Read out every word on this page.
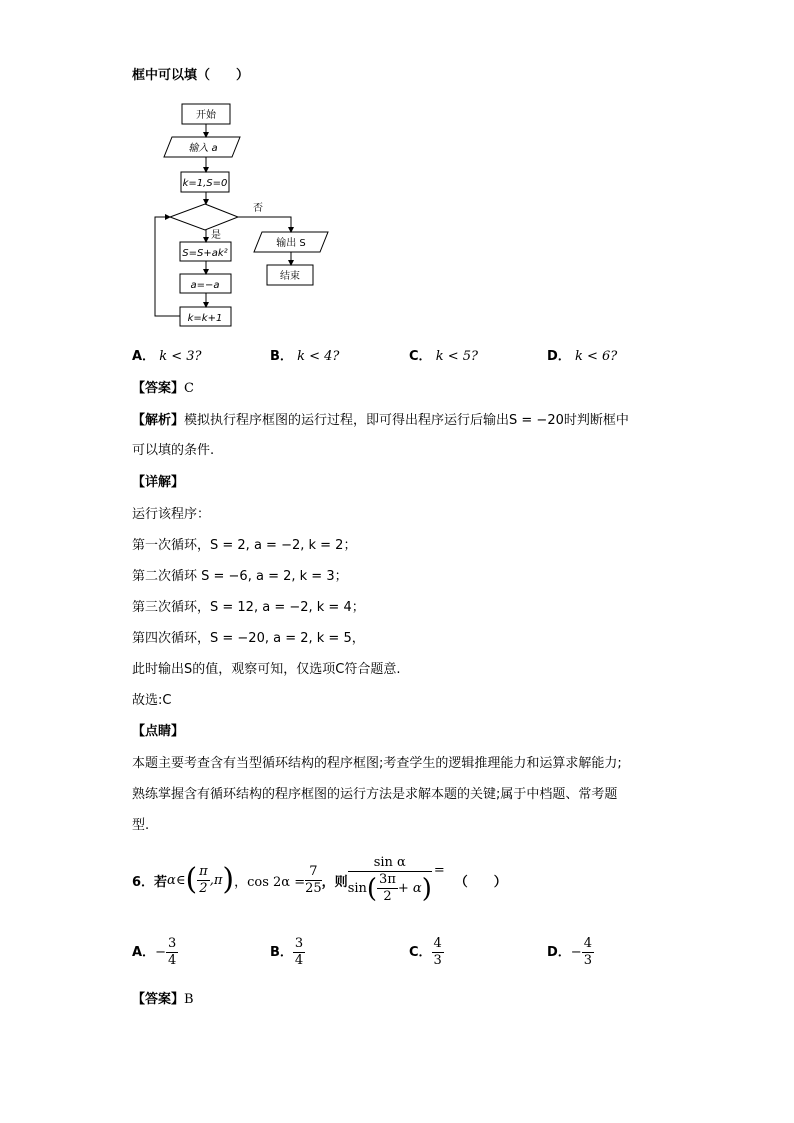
框中可以填（　　）
开始
输入 a
k=1,S=0
否
是
S=S+ak²
a=−a
k=k+1
输出 S
结束
A． k < 3?	B． k < 4?	C． k < 5?	D． k < 6?
【答案】C
【解析】模拟执行程序框图的运行过程，即可得出程序运行后输出S = −20时判断框中
可以填的条件.
【详解】
运行该程序：
第一次循环，S = 2, a = −2, k = 2；
第二次循环 S = −6, a = 2, k = 3；
第三次循环，S = 12, a = −2, k = 4；
第四次循环，S = −20, a = 2, k = 5，
此时输出S的值，观察可知，仅选项C符合题意.
故选:C
【点睛】
本题主要考查含有当型循环结构的程序框图;考查学生的逻辑推理能力和运算求解能力;
熟练掌握含有循环结构的程序框图的运行方法是求解本题的关键;属于中档题、常考题
型.
6．若 α∈ ( $\frac{\pi}{2} ,\pi$ ) ，$\cos 2\alpha = \frac{7}{25}$ ，则
sin α
sin ( $\frac{3\pi}{2} + \alpha$ )
=
（　　）
A． − $\frac{3}{4}$	B． $\frac{3}{4}$	C． $\frac{4}{3}$	D． − $\frac{4}{3}$
【答案】B
